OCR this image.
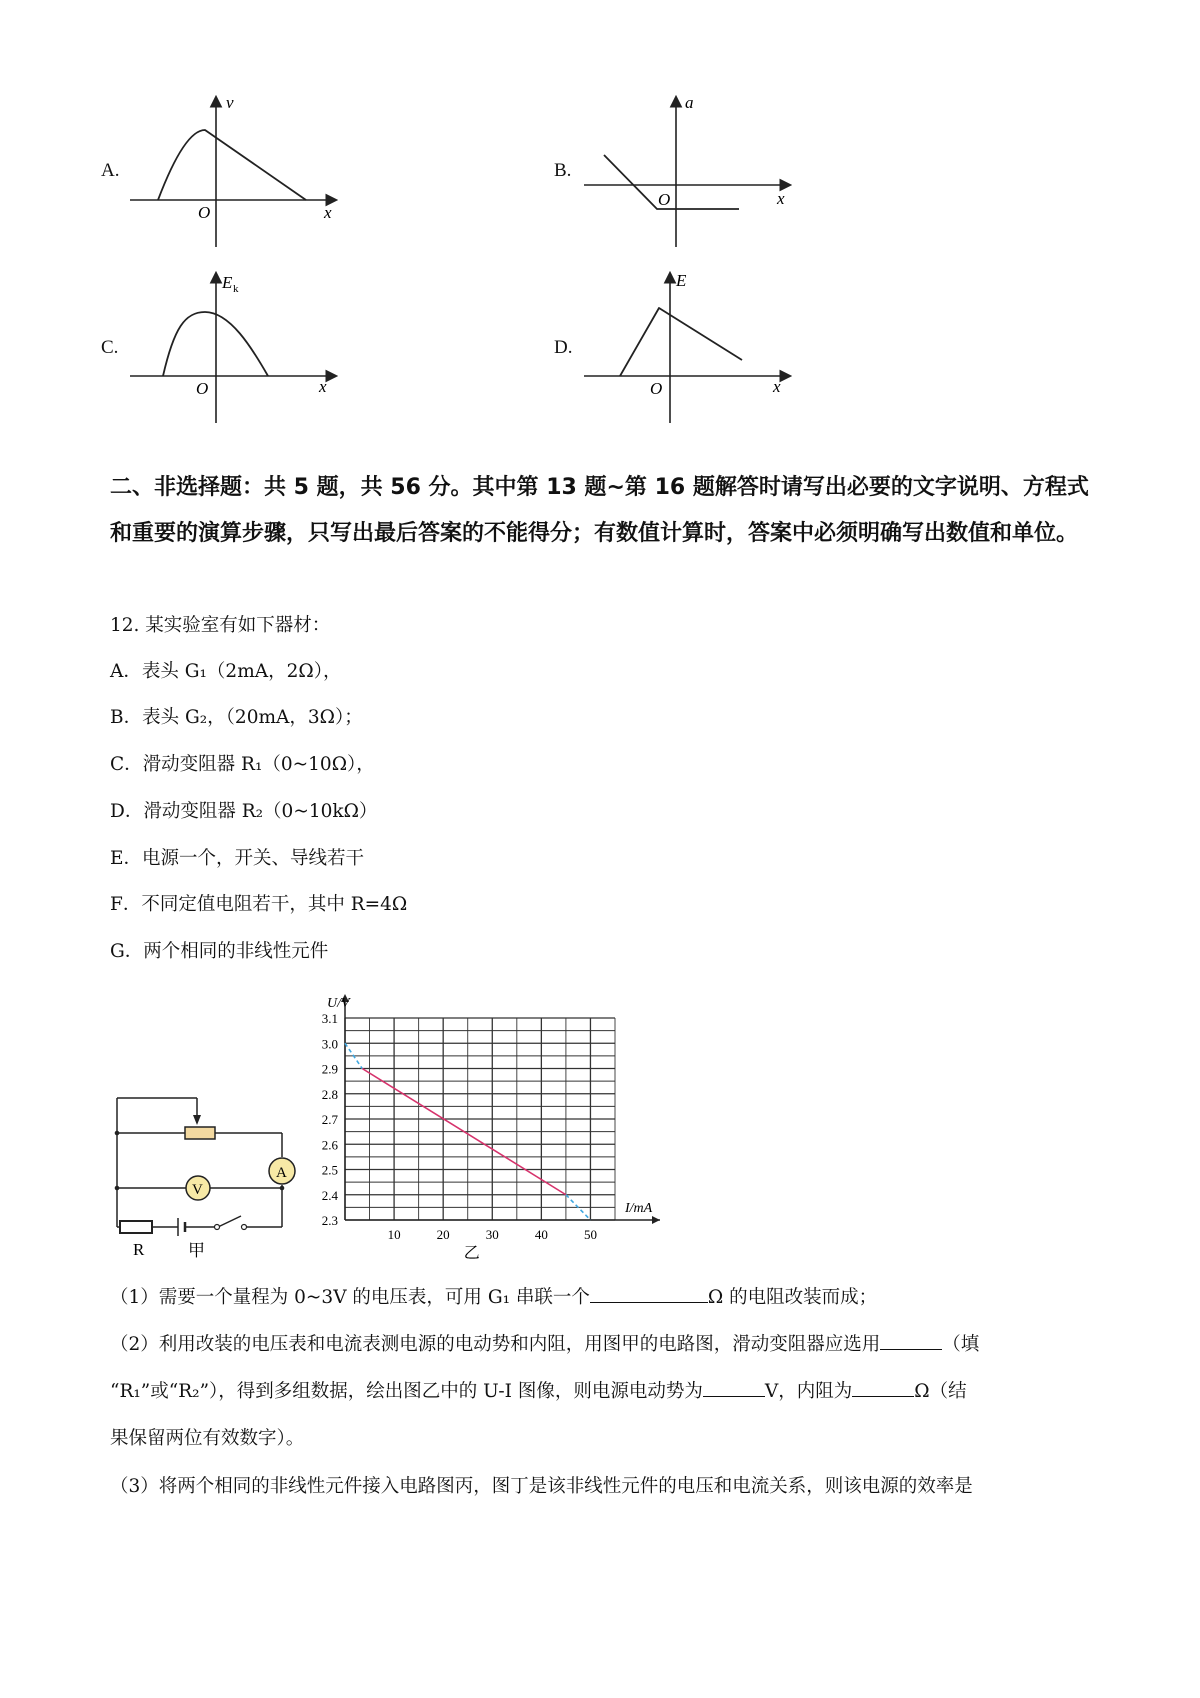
A.
v
O	x
B.
a
O	x
C.
E k
O	x
D.
E
O	x
二、非选择题：共 5 题，共 56 分。其中第 13 题~第 16 题解答时请写出必要的文字说明、方程式和重要的演算步骤，只写出最后答案的不能得分；有数值计算时，答案中必须明确写出数值和单位。
12. 某实验室有如下器材：
A．表头 G₁（2mA，2Ω），
B．表头 G₂，（20mA，3Ω）；
C．滑动变阻器 R₁（0~10Ω），
D．滑动变阻器 R₂（0~10kΩ）
E．电源一个，开关、导线若干
F．不同定值电阻若干，其中 R=4Ω
G．两个相同的非线性元件
A
V
R	甲
2.3
2.4
2.5
2.6
2.7
2.8
2.9
3.0
3.1
10	20	30	40	50
U/V
I/mA
乙
（1）需要一个量程为 0~3V 的电压表，可用 G₁ 串联一个	Ω 的电阻改装而成；
（2）利用改装的电压表和电流表测电源的电动势和内阻，用图甲的电路图，滑动变阻器应选用	（填
“R₁”或“R₂”），得到多组数据，绘出图乙中的 U-I 图像，则电源电动势为	V，内阻为	Ω（结
果保留两位有效数字）。
（3）将两个相同的非线性元件接入电路图丙，图丁是该非线性元件的电压和电流关系，则该电源的效率是
